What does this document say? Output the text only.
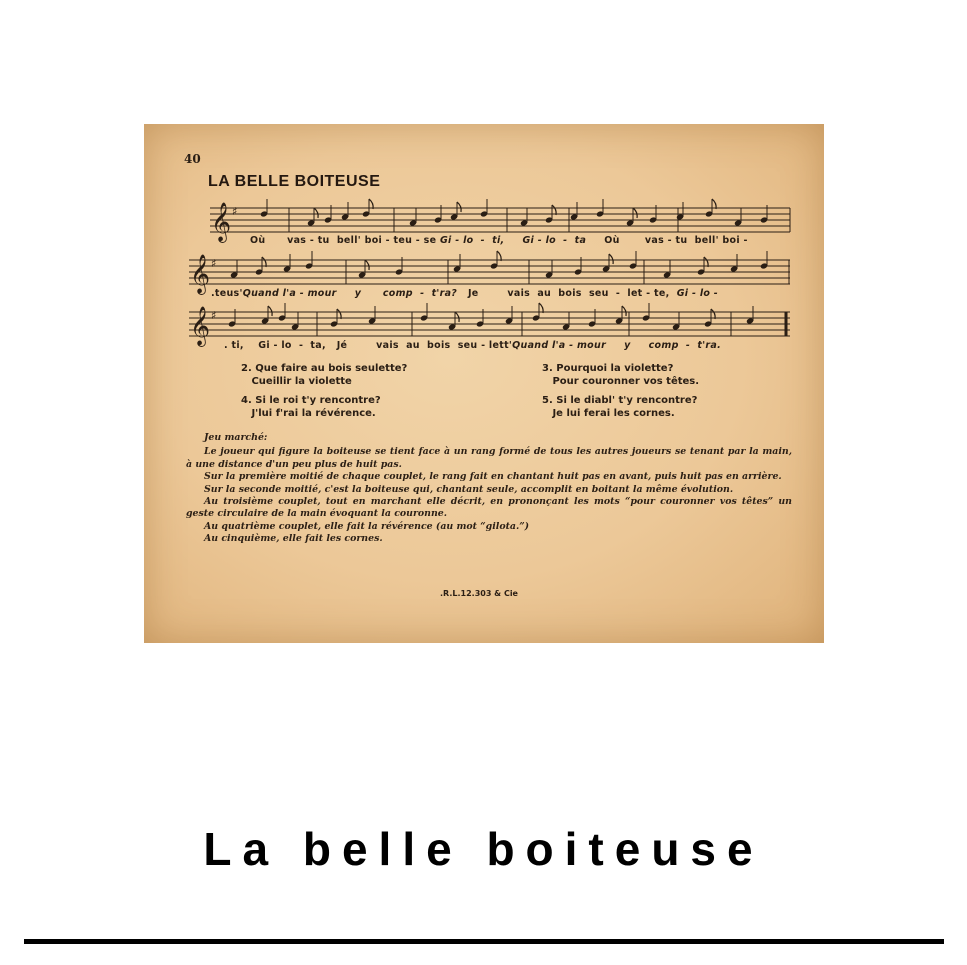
40
LA BELLE BOITEUSE
𝄞 ♯
𝄞 ♯
𝄞 ♯
Où      vas - tu  bell' boi - teu - se Gi - lo  -  ti,     Gi - lo  -  ta     Où       vas - tu  bell' boi -
.teus'Quand l'a - mour     y      comp  -  t'ra?   Je        vais  au  bois  seu  -  let - te,  Gi - lo -
. ti,    Gi - lo  -  ta,   Jé        vais  au  bois  seu - lett'Quand l'a - mour     y     comp  -  t'ra.
2. Que faire au bois seulette?
Cueillir la violette
3. Pourquoi la violette?
Pour couronner vos têtes.
4. Si le roi t'y rencontre?
J'lui f'rai la révérence.
5. Si le diabl' t'y rencontre?
Je lui ferai les cornes.

Jeu marché:

Le joueur qui figure la boiteuse se tient face à un rang formé de tous les autres joueurs se tenant par la main, à une distance d'un peu plus de huit pas.

Sur la première moitié de chaque couplet, le rang fait en chantant huit pas en avant, puis huit pas en arrière.

Sur la seconde moitié, c'est la boiteuse qui, chantant seule, accomplit en boitant la même évolution.

Au troisième couplet, tout en marchant elle décrit, en prononçant les mots “pour couronner vos têtes” un geste circulaire de la main évoquant la couronne.

Au quatrième couplet, elle fait la révérence (au mot “gilota.”)

Au cinquième, elle fait les cornes.

.R.L.12.303 & Cie
La belle boiteuse
